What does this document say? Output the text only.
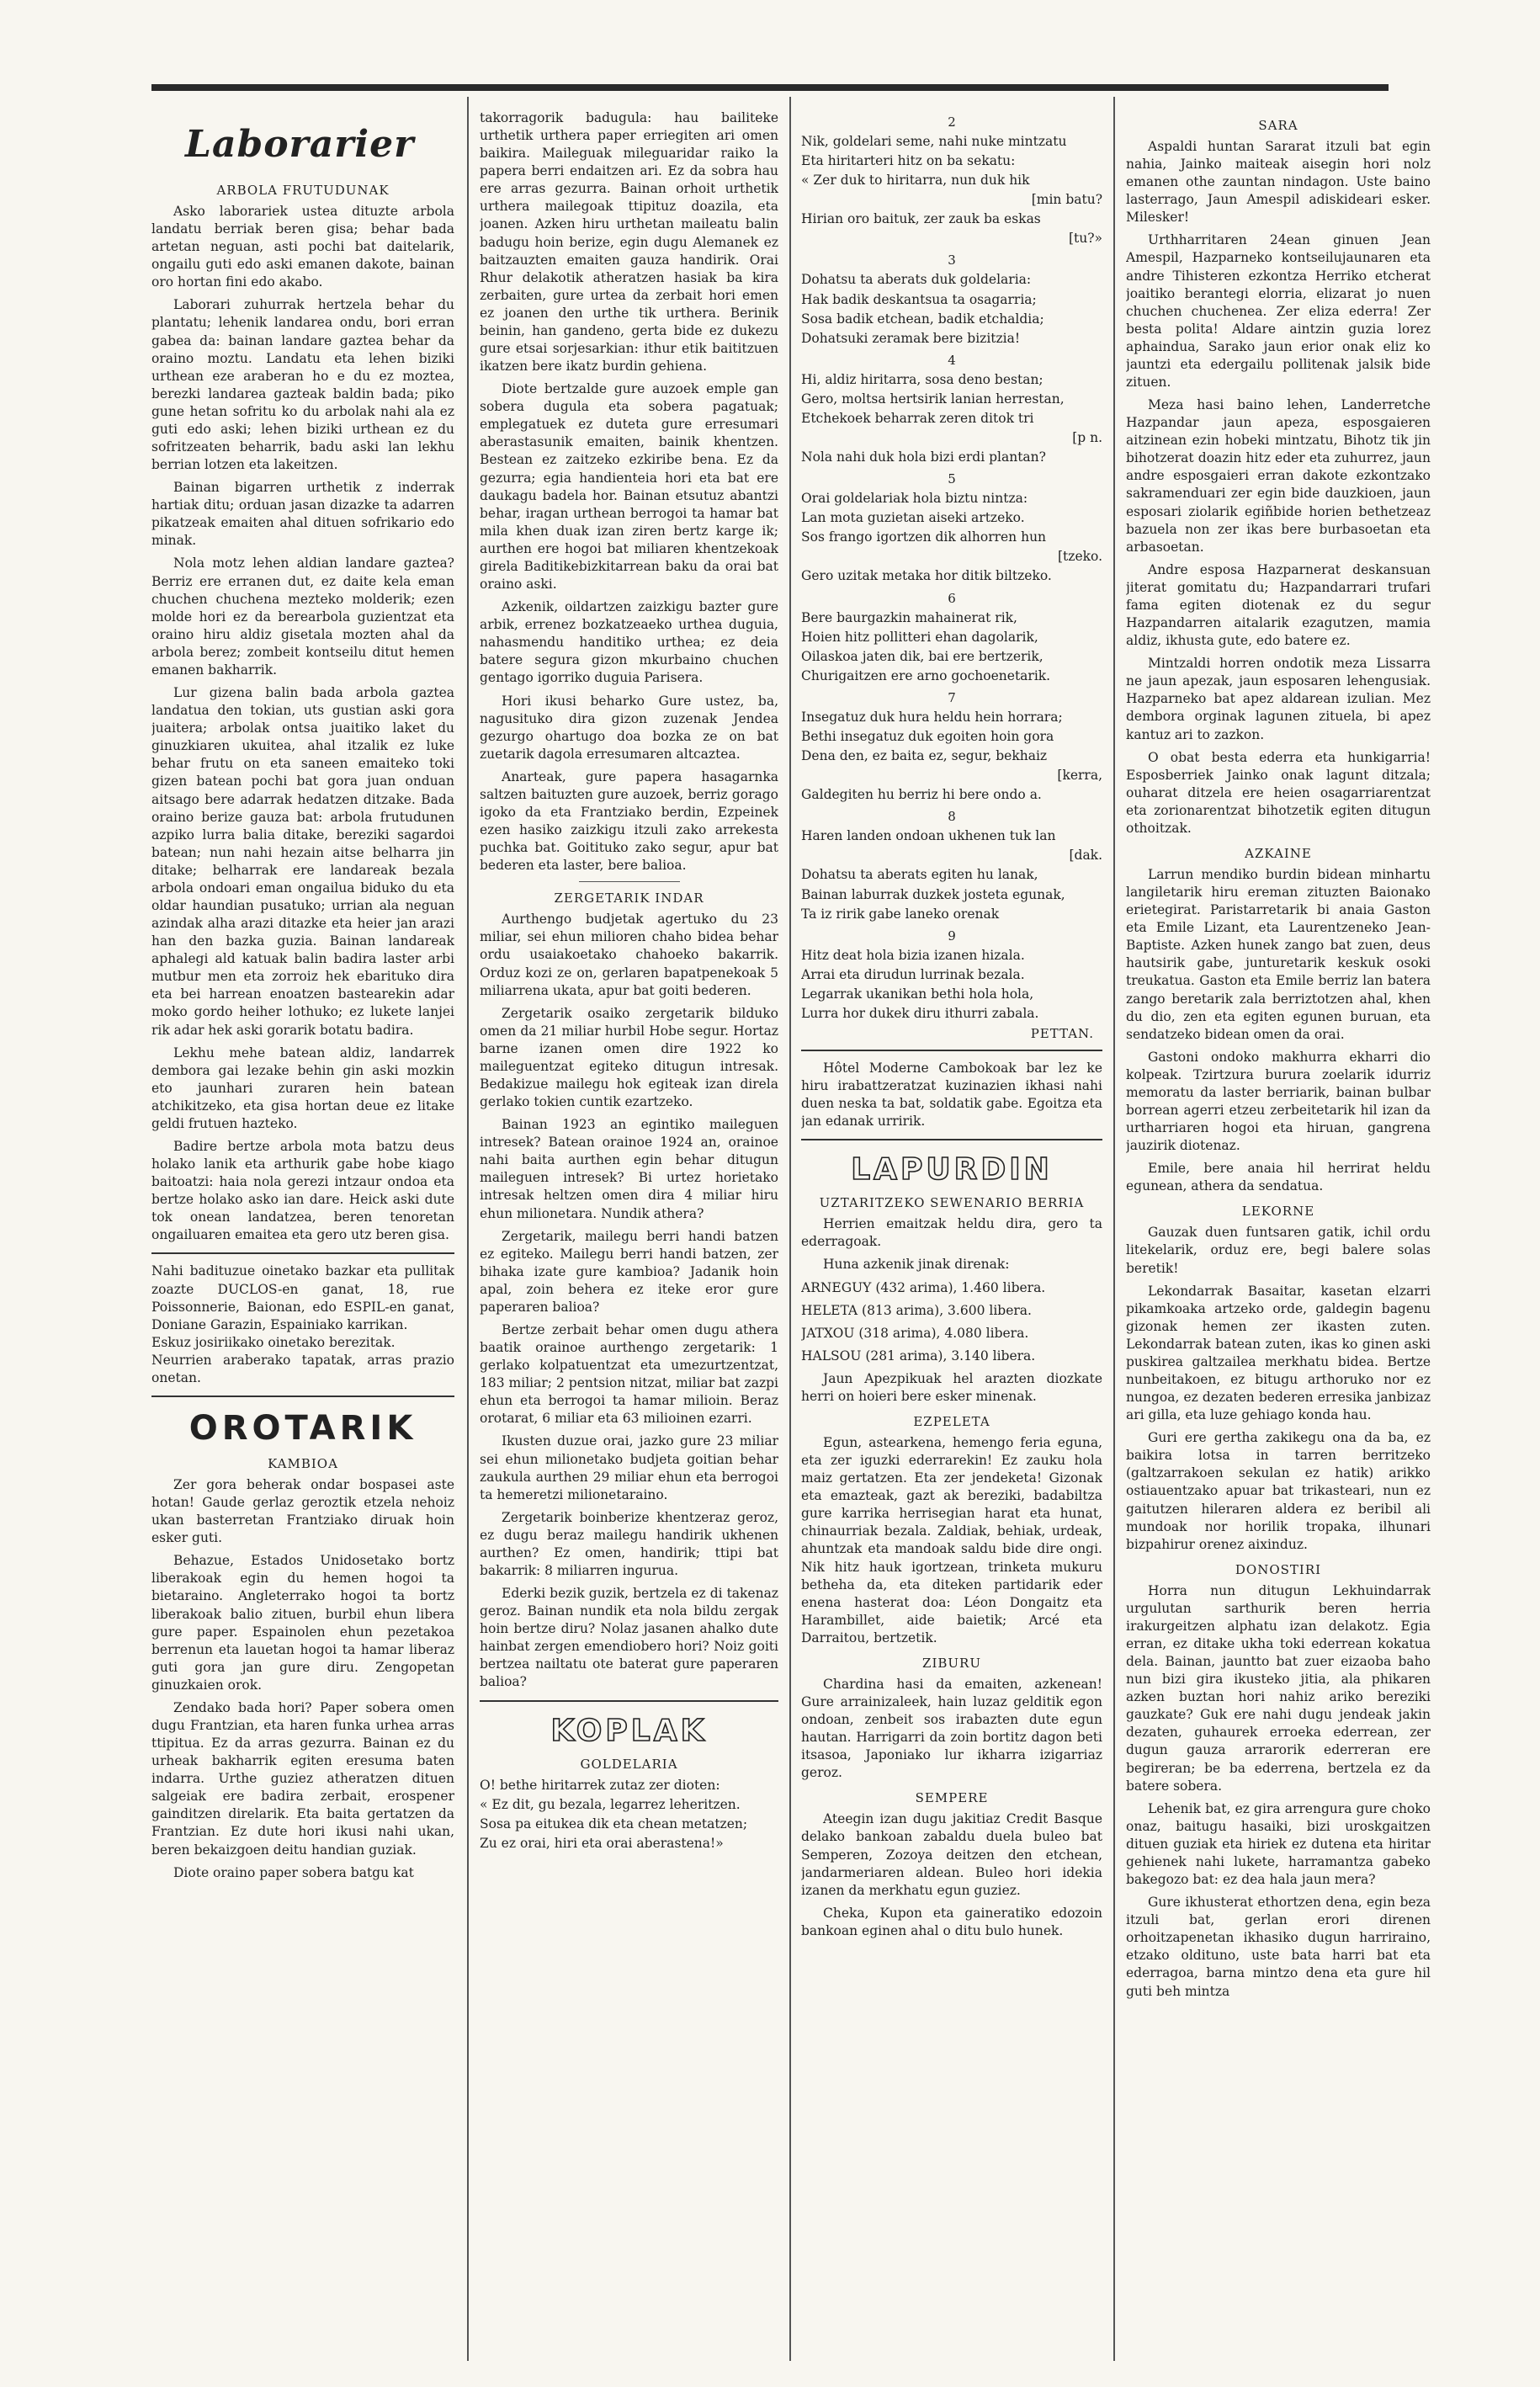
Laborarier
ARBOLA FRUTUDUNAK

Asko laborariek ustea dituzte arbola landatu berriak beren gisa; behar bada artetan neguan, asti pochi bat daitelarik, ongailu guti edo aski emanen dakote, bainan oro hortan fini edo akabo.

Laborari zuhurrak hertzela behar du plantatu; lehenik landarea ondu, bori erran gabea da: bainan landare gaztea behar da oraino moztu. Landatu eta lehen biziki urthean eze araberan ho e du ez moztea, berezki landarea gazteak baldin bada; piko gune hetan sofritu ko du arbolak nahi ala ez guti edo aski; lehen biziki urthean ez du sofritzeaten beharrik, badu aski lan lekhu berrian lotzen eta lakeitzen.

Bainan bigarren urthetik z inderrak hartiak ditu; orduan jasan dizazke ta adarren pikatzeak emaiten ahal dituen sofrikario edo minak.

Nola motz lehen aldian landare gaztea? Berriz ere erranen dut, ez daite kela eman chuchen chuchena mezteko molderik; ezen molde hori ez da berearbola guzientzat eta oraino hiru aldiz gisetala mozten ahal da arbola berez; zombeit kontseilu ditut hemen emanen bakharrik.

Lur gizena balin bada arbola gaztea landatua den tokian, uts gustian aski gora juaitera; arbolak ontsa juaitiko laket du ginuzkiaren ukuitea, ahal itzalik ez luke behar frutu on eta saneen emaiteko toki gizen batean pochi bat gora juan onduan aitsago bere adarrak hedatzen ditzake. Bada oraino berize gauza bat: arbola frutudunen azpiko lurra balia ditake, bereziki sagardoi batean; nun nahi hezain aitse belharra jin ditake; belharrak ere landareak bezala arbola ondoari eman ongailua biduko du eta oldar haundian pusatuko; urrian ala neguan azindak alha arazi ditazke eta heier jan arazi han den bazka guzia. Bainan landareak aphalegi ald katuak balin badira laster arbi mutbur men eta zorroiz hek ebarituko dira eta bei harrean enoatzen bastearekin adar moko gordo heiher lothuko; ez lukete lanjei rik adar hek aski gorarik botatu badira.

Lekhu mehe batean aldiz, landarrek dembora gai lezake behin gin aski mozkin eto jaunhari zuraren hein batean atchikitzeko, eta gisa hortan deue ez litake geldi frutuen hazteko.

Badire bertze arbola mota batzu deus holako lanik eta arthurik gabe hobe kiago baitoatzi: haia nola gerezi intzaur ondoa eta bertze holako asko ian dare. Heick aski dute tok onean landatzea, beren tenoretan ongailuaren emaitea eta gero utz beren gisa.

Nahi badituzue oinetako bazkar eta pullitak zoazte DUCLOS-en ganat, 18, rue Poissonnerie, Baionan, edo ESPIL-en ganat, Doniane Garazin, Espainiako karrikan.

Eskuz josiriikako oinetako berezitak.

Neurrien araberako tapatak, arras prazio onetan.

OROTARIK
KAMBIOA

Zer gora beherak ondar bospasei aste hotan! Gaude gerlaz geroztik etzela nehoiz ukan basterretan Frantziako diruak hoin esker guti.

Behazue, Estados Unidosetako bortz liberakoak egin du hemen hogoi ta bietaraino. Angleterrako hogoi ta bortz liberakoak balio zituen, burbil ehun libera gure paper. Espainolen ehun pezetakoa berrenun eta lauetan hogoi ta hamar liberaz guti gora jan gure diru. Zengopetan ginuzkaien orok.

Zendako bada hori? Paper sobera omen dugu Frantzian, eta haren funka urhea arras ttipitua. Ez da arras gezurra. Bainan ez du urheak bakharrik egiten eresuma baten indarra. Urthe guziez atheratzen dituen salgeiak ere badira zerbait, erospener gainditzen direlarik. Eta baita gertatzen da Frantzian. Ez dute hori ikusi nahi ukan, beren bekaizgoen deitu handian guziak.

Diote oraino paper sobera batgu kat

takorragorik badugula: hau bailiteke urthetik urthera paper erriegiten ari omen baikira. Maileguak mileguaridar raiko la papera berri endaitzen ari. Ez da sobra hau ere arras gezurra. Bainan orhoit urthetik urthera mailegoak ttipituz doazila, eta joanen. Azken hiru urthetan maileatu balin badugu hoin berize, egin dugu Alemanek ez baitzauzten emaiten gauza handirik. Orai Rhur delakotik atheratzen hasiak ba kira zerbaiten, gure urtea da zerbait hori emen ez joanen den urthe tik urthera. Berinik beinin, han gandeno, gerta bide ez dukezu gure etsai sorjesarkian: ithur etik baititzuen ikatzen bere ikatz burdin gehiena.

Diote bertzalde gure auzoek emple gan sobera dugula eta sobera pagatuak; emplegatuek ez duteta gure erresumari aberastasunik emaiten, bainik khentzen. Bestean ez zaitzeko ezkiribe bena. Ez da gezurra; egia handienteia hori eta bat ere daukagu badela hor. Bainan etsutuz abantzi behar, iragan urthean berrogoi ta hamar bat mila khen duak izan ziren bertz karge ik; aurthen ere hogoi bat miliaren khentzekoak girela Baditikebizkitarrean baku da orai bat oraino aski.

Azkenik, oildartzen zaizkigu bazter gure arbik, errenez bozkatzeaeko urthea duguia, nahasmendu handitiko urthea; ez deia batere segura gizon mkurbaino chuchen gentago igorriko duguia Parisera.

Hori ikusi beharko Gure ustez, ba, nagusituko dira gizon zuzenak Jendea gezurgo ohartugo doa bozka ze on bat zuetarik dagola erresumaren altcaztea.

Anarteak, gure papera hasagarnka saltzen baituzten gure auzoek, berriz gorago igoko da eta Frantziako berdin, Ezpeinek ezen hasiko zaizkigu itzuli zako arrekesta puchka bat. Goitituko zako segur, apur bat bederen eta laster, bere balioa.

ZERGETARIK INDAR

Aurthengo budjetak agertuko du 23 miliar, sei ehun milioren chaho bidea behar ordu usaiakoetako chahoeko bakarrik. Orduz kozi ze on, gerlaren bapatpenekoak 5 miliarrena ukata, apur bat goiti bederen.

Zergetarik osaiko zergetarik bilduko omen da 21 miliar hurbil Hobe segur. Hortaz barne izanen omen dire 1922 ko maileguentzat egiteko ditugun intresak. Bedakizue mailegu hok egiteak izan direla gerlako tokien cuntik ezartzeko.

Bainan 1923 an egintiko maileguen intresek? Batean orainoe 1924 an, orainoe nahi baita aurthen egin behar ditugun maileguen intresek? Bi urtez horietako intresak heltzen omen dira 4 miliar hiru ehun milionetara. Nundik athera?

Zergetarik, mailegu berri handi batzen ez egiteko. Mailegu berri handi batzen, zer bihaka izate gure kambioa? Jadanik hoin apal, zoin behera ez iteke eror gure paperaren balioa?

Bertze zerbait behar omen dugu athera baatik orainoe aurthengo zergetarik: 1 gerlako kolpatuentzat eta umezurtzentzat, 183 miliar; 2 pentsion nitzat, miliar bat zazpi ehun eta berrogoi ta hamar milioin. Beraz orotarat, 6 miliar eta 63 milioinen ezarri.

Ikusten duzue orai, jazko gure 23 miliar sei ehun milionetako budjeta goitian behar zaukula aurthen 29 miliar ehun eta berrogoi ta hemeretzi milionetaraino.

Zergetarik boinberize khentzeraz geroz, ez dugu beraz mailegu handirik ukhenen aurthen? Ez omen, handirik; ttipi bat bakarrik: 8 miliarren ingurua.

Ederki bezik guzik, bertzela ez di takenaz geroz. Bainan nundik eta nola bildu zergak hoin bertze diru? Nolaz jasanen ahalko dute hainbat zergen emendiobero hori? Noiz goiti bertzea nailtatu ote baterat gure paperaren balioa?

KOPLAK
GOLDELARIA

O! bethe hiritarrek zutaz zer dioten:

« Ez dit, gu bezala, legarrez leheritzen.

Sosa pa eitukea dik eta chean metatzen;

Zu ez orai, hiri eta orai aberastena!»

2

Nik, goldelari seme, nahi nuke mintzatu

Eta hiritarteri hitz on ba sekatu:

« Zer duk to hiritarra, nun duk hik

[min batu?

Hirian oro baituk, zer zauk ba eskas

[tu?»

3

Dohatsu ta aberats duk goldelaria:

Hak badik deskantsua ta osagarria;

Sosa badik etchean, badik etchaldia;

Dohatsuki zeramak bere bizitzia!

4

Hi, aldiz hiritarra, sosa deno bestan;

Gero, moltsa hertsirik lanian herrestan,

Etchekoek beharrak zeren ditok tri

[p n.

Nola nahi duk hola bizi erdi plantan?

5

Orai goldelariak hola biztu nintza:

Lan mota guzietan aiseki artzeko.

Sos frango igortzen dik alhorren hun

[tzeko.

Gero uzitak metaka hor ditik biltzeko.

6

Bere baurgazkin mahainerat rik,

Hoien hitz pollitteri ehan dagolarik,

Oilaskoa jaten dik, bai ere bertzerik,

Churigaitzen ere arno gochoenetarik.

7

Insegatuz duk hura heldu hein horrara;

Bethi insegatuz duk egoiten hoin gora

Dena den, ez baita ez, segur, bekhaiz

[kerra,

Galdegiten hu berriz hi bere ondo a.

8

Haren landen ondoan ukhenen tuk lan

[dak.

Dohatsu ta aberats egiten hu lanak,

Bainan laburrak duzkek josteta egunak,

Ta iz ririk gabe laneko orenak

9

Hitz deat hola bizia izanen hizala.

Arrai eta dirudun lurrinak bezala.

Legarrak ukanikan bethi hola hola,

Lurra hor dukek diru ithurri zabala.

PETTAN.

Hôtel Moderne Cambokoak bar lez ke hiru irabattzeratzat kuzinazien ikhasi nahi duen neska ta bat, soldatik gabe. Egoitza eta jan edanak urririk.

LAPURDIN
UZTARITZEKO SEWENARIO BERRIA

Herrien emaitzak heldu dira, gero ta ederragoak.

Huna azkenik jinak direnak:

ARNEGUY (432 arima), 1.460 libera.

HELETA (813 arima), 3.600 libera.

JATXOU (318 arima), 4.080 libera.

HALSOU (281 arima), 3.140 libera.

Jaun Apezpikuak hel arazten diozkate herri on hoieri bere esker minenak.

EZPELETA

Egun, astearkena, hemengo feria eguna, eta zer iguzki ederrarekin! Ez zauku hola maiz gertatzen. Eta zer jendeketa! Gizonak eta emazteak, gazt ak bereziki, badabiltza gure karrika herrisegian harat eta hunat, chinaurriak bezala. Zaldiak, behiak, urdeak, ahuntzak eta mandoak saldu bide dire ongi. Nik hitz hauk igortzean, trinketa mukuru betheha da, eta diteken partidarik eder enena hasterat doa: Léon Dongaitz eta Harambillet, aide baietik; Arcé eta Darraitou, bertzetik.

ZIBURU

Chardina hasi da emaiten, azkenean! Gure arrainizaleek, hain luzaz gelditik egon ondoan, zenbeit sos irabazten dute egun hautan. Harrigarri da zoin bortitz dagon beti itsasoa, Japoniako lur ikharra izigarriaz geroz.

SEMPERE

Ateegin izan dugu jakitiaz Credit Basque delako bankoan zabaldu duela buleo bat Semperen, Zozoya deitzen den etchean, jandarmeriaren aldean. Buleo hori idekia izanen da merkhatu egun guziez.

Cheka, Kupon eta gaineratiko edozoin bankoan eginen ahal o ditu bulo hunek.

SARA

Aspaldi huntan Sararat itzuli bat egin nahia, Jainko maiteak aisegin hori nolz emanen othe zauntan nindagon. Uste baino lasterrago, Jaun Amespil adiskideari esker. Milesker!

Urthharritaren 24ean ginuen Jean Amespil, Hazparneko kontseilujaunaren eta andre Tihisteren ezkontza Herriko etcherat joaitiko berantegi elorria, elizarat jo nuen chuchen chuchenea. Zer eliza ederra! Zer besta polita! Aldare aintzin guzia lorez aphaindua, Sarako jaun erior onak eliz ko jauntzi eta edergailu pollitenak jalsik bide zituen.

Meza hasi baino lehen, Landerretche Hazpandar jaun apeza, esposgaieren aitzinean ezin hobeki mintzatu, Bihotz tik jin bihotzerat doazin hitz eder eta zuhurrez, jaun andre esposgaieri erran dakote ezkontzako sakramenduari zer egin bide dauzkioen, jaun esposari ziolarik egiñbide horien bethetzeaz bazuela non zer ikas bere burbasoetan eta arbasoetan.

Andre esposa Hazparnerat deskansuan jiterat gomitatu du; Hazpandarrari trufari fama egiten diotenak ez du segur Hazpandarren aitalarik ezagutzen, mamia aldiz, ikhusta gute, edo batere ez.

Mintzaldi horren ondotik meza Lissarra ne jaun apezak, jaun esposaren lehengusiak. Hazparneko bat apez aldarean izulian. Mez dembora orginak lagunen zituela, bi apez kantuz ari to zazkon.

O obat besta ederra eta hunkigarria! Esposberriek Jainko onak lagunt ditzala; ouharat ditzela ere heien osagarriarentzat eta zorionarentzat bihotzetik egiten ditugun othoitzak.

AZKAINE

Larrun mendiko burdin bidean minhartu langiletarik hiru ereman zituzten Baionako erietegirat. Paristarretarik bi anaia Gaston eta Emile Lizant, eta Laurentzeneko Jean-Baptiste. Azken hunek zango bat zuen, deus hautsirik gabe, junturetarik keskuk osoki treukatua. Gaston eta Emile berriz lan batera zango beretarik zala berriztotzen ahal, khen du dio, zen eta egiten egunen buruan, eta sendatzeko bidean omen da orai.

Gastoni ondoko makhurra ekharri dio kolpeak. Tzirtzura burura zoelarik idurriz memoratu da laster berriarik, bainan bulbar borrean agerri etzeu zerbeitetarik hil izan da urtharriaren hogoi eta hiruan, gangrena jauzirik diotenaz.

Emile, bere anaia hil herrirat heldu egunean, athera da sendatua.

LEKORNE

Gauzak duen funtsaren gatik, ichil ordu litekelarik, orduz ere, begi balere solas beretik!

Lekondarrak Basaitar, kasetan elzarri pikamkoaka artzeko orde, galdegin bagenu gizonak hemen zer ikasten zuten. Lekondarrak batean zuten, ikas ko ginen aski puskirea galtzailea merkhatu bidea. Bertze nunbeitakoen, ez bitugu arthoruko nor ez nungoa, ez dezaten bederen erresika janbizaz ari gilla, eta luze gehiago konda hau.

Guri ere gertha zakikegu ona da ba, ez baikira lotsa in tarren berritzeko (galtzarrakoen sekulan ez hatik) arikko ostiauentzako apuar bat trikasteari, nun ez gaitutzen hileraren aldera ez beribil ali mundoak nor horilik tropaka, ilhunari bizpahirur orenez aixinduz.

DONOSTIRI

Horra nun ditugun Lekhuindarrak urgulutan sarthurik beren herria irakurgeitzen alphatu izan delakotz. Egia erran, ez ditake ukha toki ederrean kokatua dela. Bainan, jauntto bat zuer eizaoba baho nun bizi gira ikusteko jitia, ala phikaren azken buztan hori nahiz ariko bereziki gauzkate? Guk ere nahi dugu jendeak jakin dezaten, guhaurek erroeka ederrean, zer dugun gauza arrarorik ederreran ere begireran; be ba ederrena, bertzela ez da batere sobera.

Lehenik bat, ez gira arrengura gure choko onaz, baitugu hasaiki, bizi uroskgaitzen dituen guziak eta hiriek ez dutena eta hiritar gehienek nahi lukete, harramantza gabeko bakegozo bat: ez dea hala jaun mera?

Gure ikhusterat ethortzen dena, egin beza itzuli bat, gerlan erori direnen orhoitzapenetan ikhasiko dugun harriraino, etzako oldituno, uste bata harri bat eta ederragoa, barna mintzo dena eta gure hil guti beh mintza
